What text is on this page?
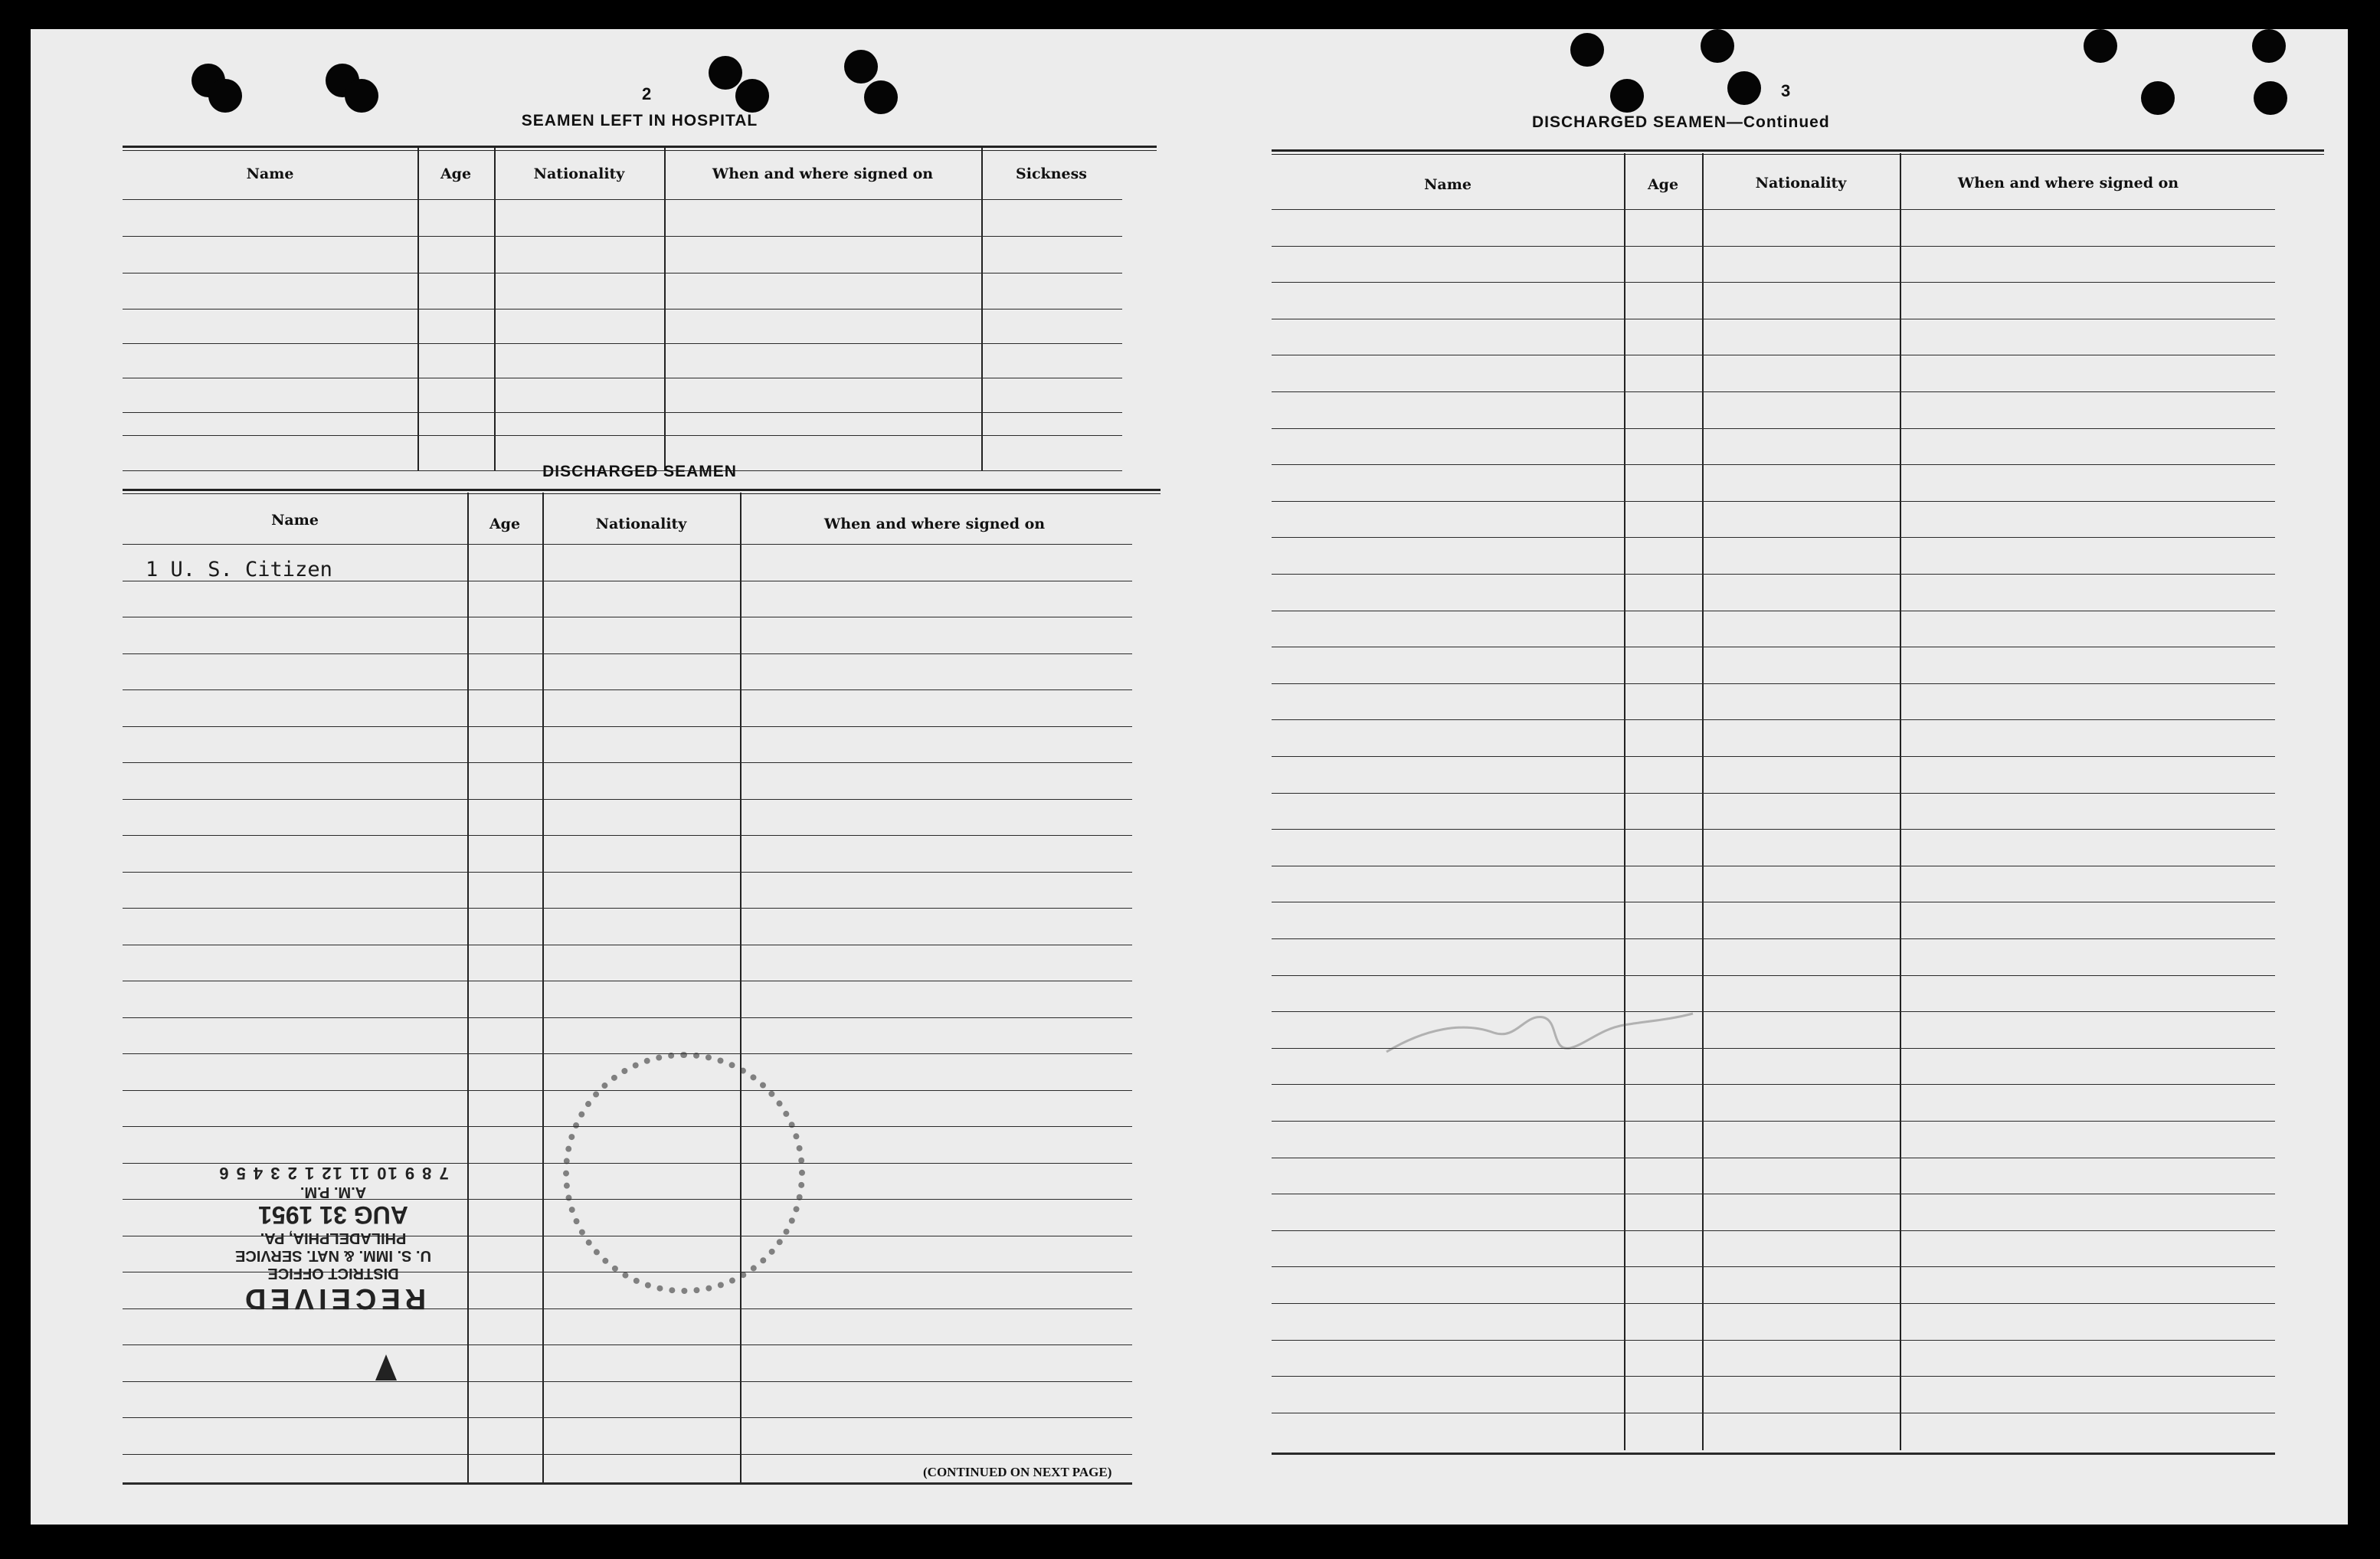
2
SEAMEN LEFT IN HOSPITAL
Name	Age	Nationality	When and where signed on	Sickness
DISCHARGED SEAMEN
Name	Age	Nationality	When and where signed on
1 U. S. Citizen
(CONTINUED ON NEXT PAGE)
RECEIVED
DISTRICT OFFICE
U. S. IMM. & NAT. SERVICE
PHILADELPHIA, PA.
AUG 31 1951
A.M. P.M.
7 8 9 10 11 12 1 2 3 4 5 6
3
DISCHARGED SEAMEN—Continued
Name	Age	Nationality	When and where signed on
